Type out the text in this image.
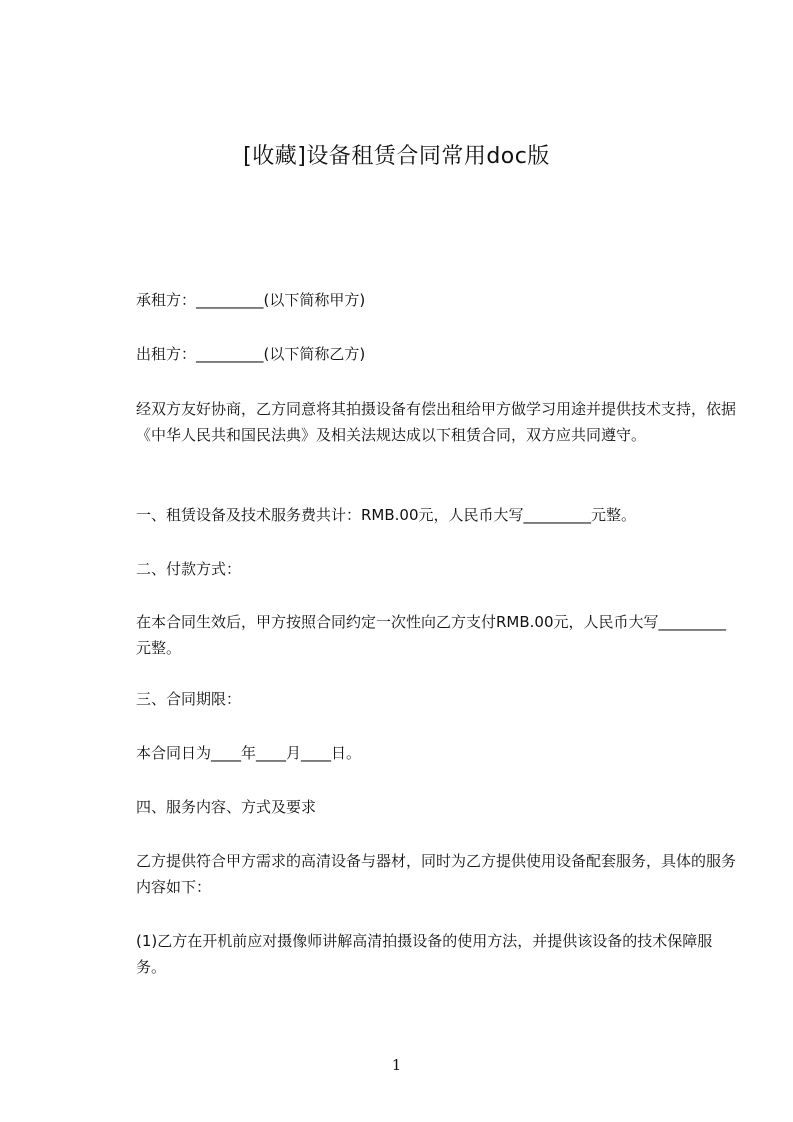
[收藏]设备租赁合同常用doc版

承租方：_________(以下简称甲方)

出租方：_________(以下简称乙方)

经双方友好协商，乙方同意将其拍摄设备有偿出租给甲方做学习用途并提供技术支持，依据《中华人民共和国民法典》及相关法规达成以下租赁合同，双方应共同遵守。

一、租赁设备及技术服务费共计：RMB.00元，人民币大写_________元整。

二、付款方式：

在本合同生效后，甲方按照合同约定一次性向乙方支付RMB.00元，人民币大写_________元整。

三、合同期限：

本合同日为____年____月____日。

四、服务内容、方式及要求

乙方提供符合甲方需求的高清设备与器材，同时为乙方提供使用设备配套服务，具体的服务内容如下：

(1)乙方在开机前应对摄像师讲解高清拍摄设备的使用方法，并提供该设备的技术保障服务。

1
